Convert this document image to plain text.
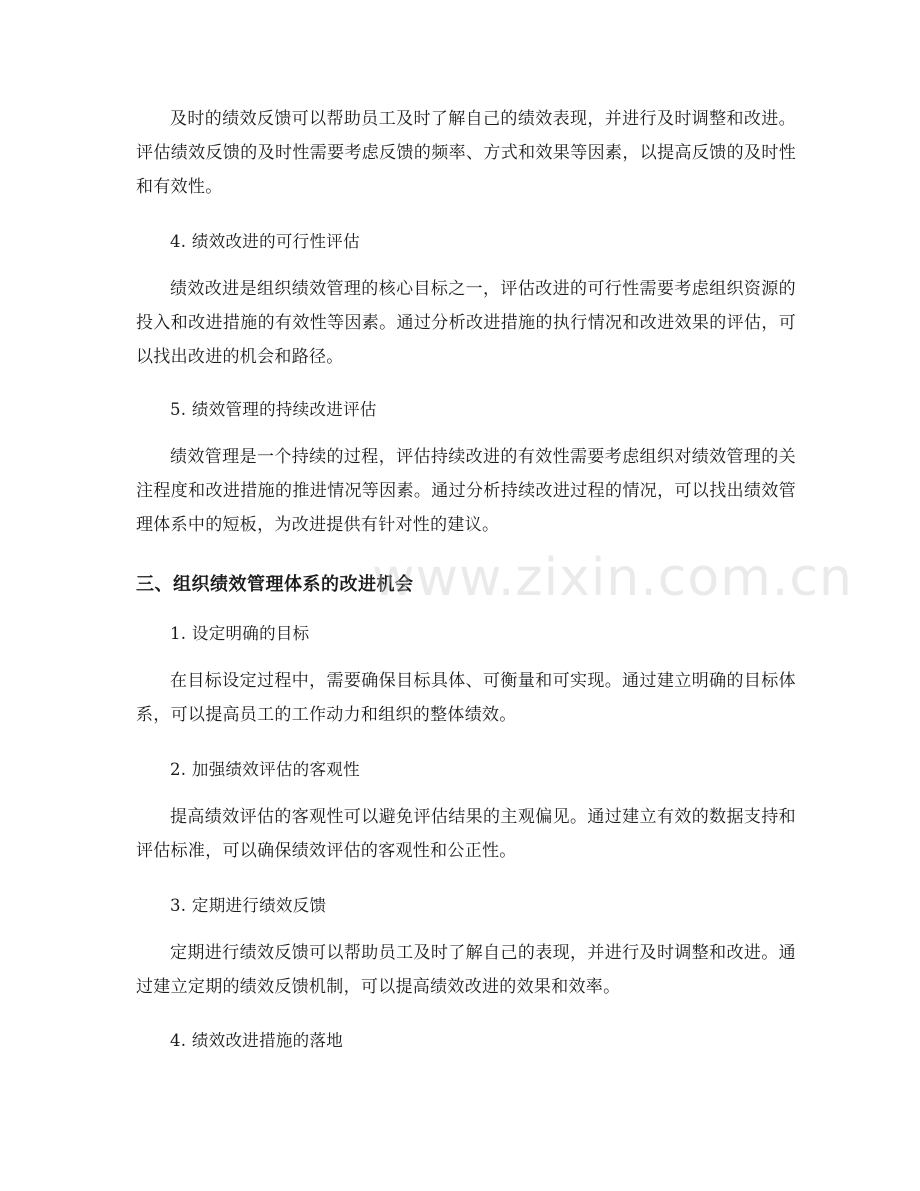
及时的绩效反馈可以帮助员工及时了解自己的绩效表现，并进行及时调整和改进。评估绩效反馈的及时性需要考虑反馈的频率、方式和效果等因素，以提高反馈的及时性和有效性。

4. 绩效改进的可行性评估

绩效改进是组织绩效管理的核心目标之一，评估改进的可行性需要考虑组织资源的投入和改进措施的有效性等因素。通过分析改进措施的执行情况和改进效果的评估，可以找出改进的机会和路径。

5. 绩效管理的持续改进评估

绩效管理是一个持续的过程，评估持续改进的有效性需要考虑组织对绩效管理的关注程度和改进措施的推进情况等因素。通过分析持续改进过程的情况，可以找出绩效管理体系中的短板，为改进提供有针对性的建议。

三、组织绩效管理体系的改进机会

1. 设定明确的目标

在目标设定过程中，需要确保目标具体、可衡量和可实现。通过建立明确的目标体系，可以提高员工的工作动力和组织的整体绩效。

2. 加强绩效评估的客观性

提高绩效评估的客观性可以避免评估结果的主观偏见。通过建立有效的数据支持和评估标准，可以确保绩效评估的客观性和公正性。

3. 定期进行绩效反馈

定期进行绩效反馈可以帮助员工及时了解自己的表现，并进行及时调整和改进。通过建立定期的绩效反馈机制，可以提高绩效改进的效果和效率。

4. 绩效改进措施的落地

www.zixin.com.cn
